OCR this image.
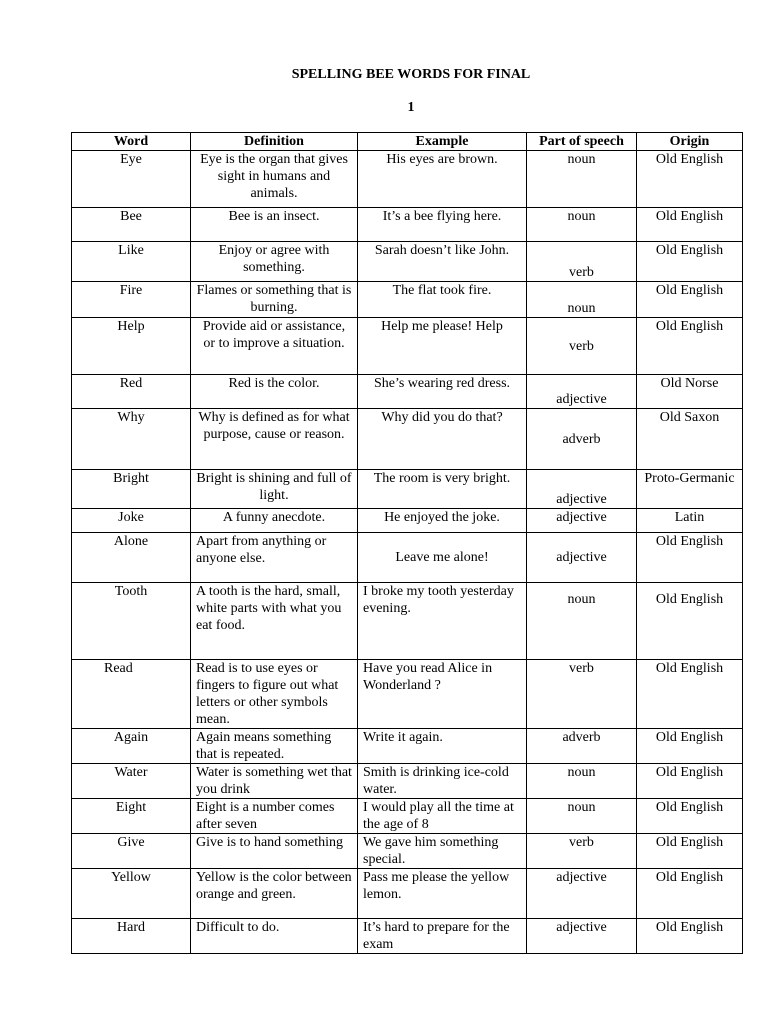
SPELLING BEE WORDS FOR FINAL
1
Word	Definition	Example	Part of speech	Origin
Eye	Eye is the organ that gives sight in humans and animals.	His eyes are brown.	noun	Old English
Bee	Bee is an insect.	It’s a bee flying here.	noun	Old English
Like	Enjoy or agree with something.	Sarah doesn’t like John.	verb	Old English
Fire	Flames or something that is burning.	The flat took fire.	noun	Old English
Help	Provide aid or assistance, or to improve a situation.	Help me please! Help	verb	Old English
Red	Red is the color.	She’s wearing red dress.	adjective	Old Norse
Why	Why is defined as for what purpose, cause or reason.	Why did you do that?	adverb	Old Saxon
Bright	Bright is shining and full of light.	The room is very bright.	adjective	Proto-Germanic
Joke	A funny anecdote.	He enjoyed the joke.	adjective	Latin
Alone	Apart from anything or anyone else.	Leave me alone!	adjective	Old English
Tooth	A tooth is the hard, small, white parts with what you eat food.	I broke my tooth yesterday evening.	noun	Old English
Read	Read is to use eyes or fingers to figure out what letters or other symbols mean.	Have you read Alice in Wonderland ?	verb	Old English
Again	Again means something that is repeated.	Write it again.	adverb	Old English
Water	Water is something wet that you drink	Smith is drinking ice-cold water.	noun	Old English
Eight	Eight is a number comes after seven	I would play all the time at the age of 8	noun	Old English
Give	Give is to hand something	We gave him something special.	verb	Old English
Yellow	Yellow is the color between orange and green.	Pass me please the yellow lemon.	adjective	Old English
Hard	Difficult to do.	It’s hard to prepare for the exam	adjective	Old English
